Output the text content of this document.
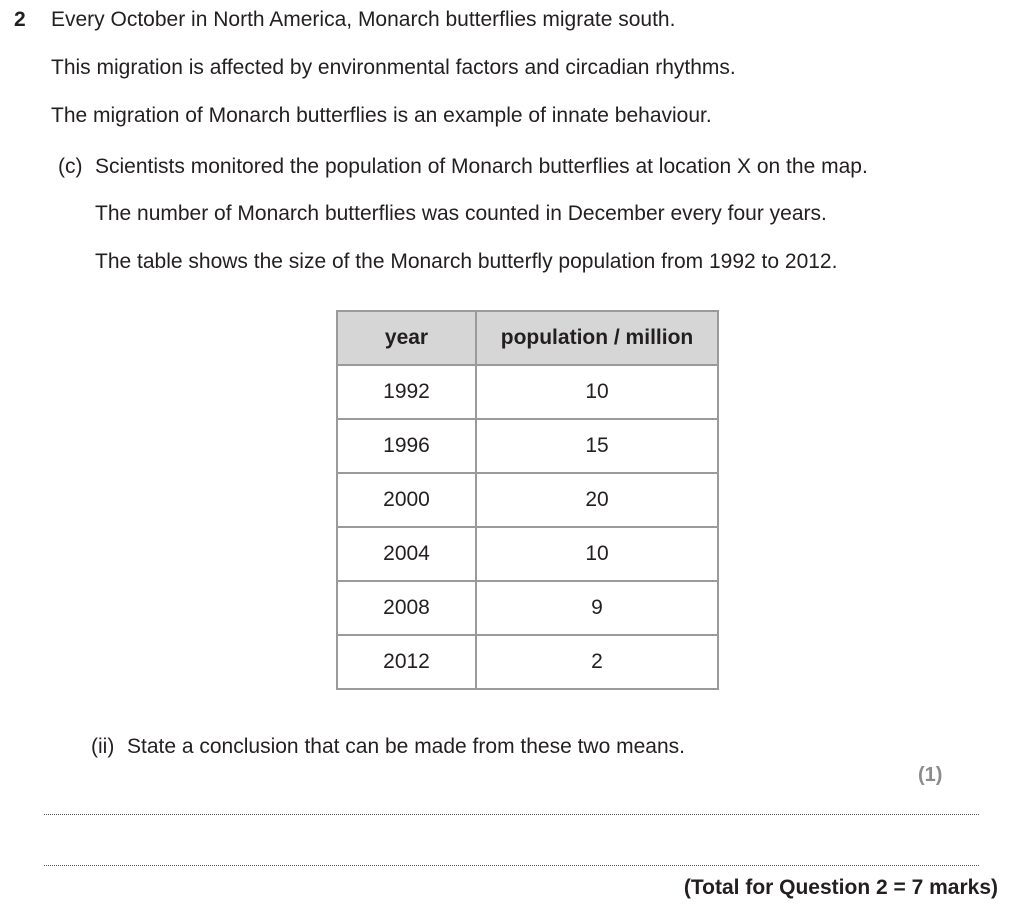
2 Every October in North America, Monarch butterflies migrate south.
This migration is affected by environmental factors and circadian rhythms.
The migration of Monarch butterflies is an example of innate behaviour.
(c) Scientists monitored the population of Monarch butterflies at location X on the map.
The number of Monarch butterflies was counted in December every four years.
The table shows the size of the Monarch butterfly population from 1992 to 2012.
year	population / million
1992	10
1996	15
2000	20
2004	10
2008	9
2012	2
(ii) State a conclusion that can be made from these two means.
(1)
(Total for Question 2 = 7 marks)
